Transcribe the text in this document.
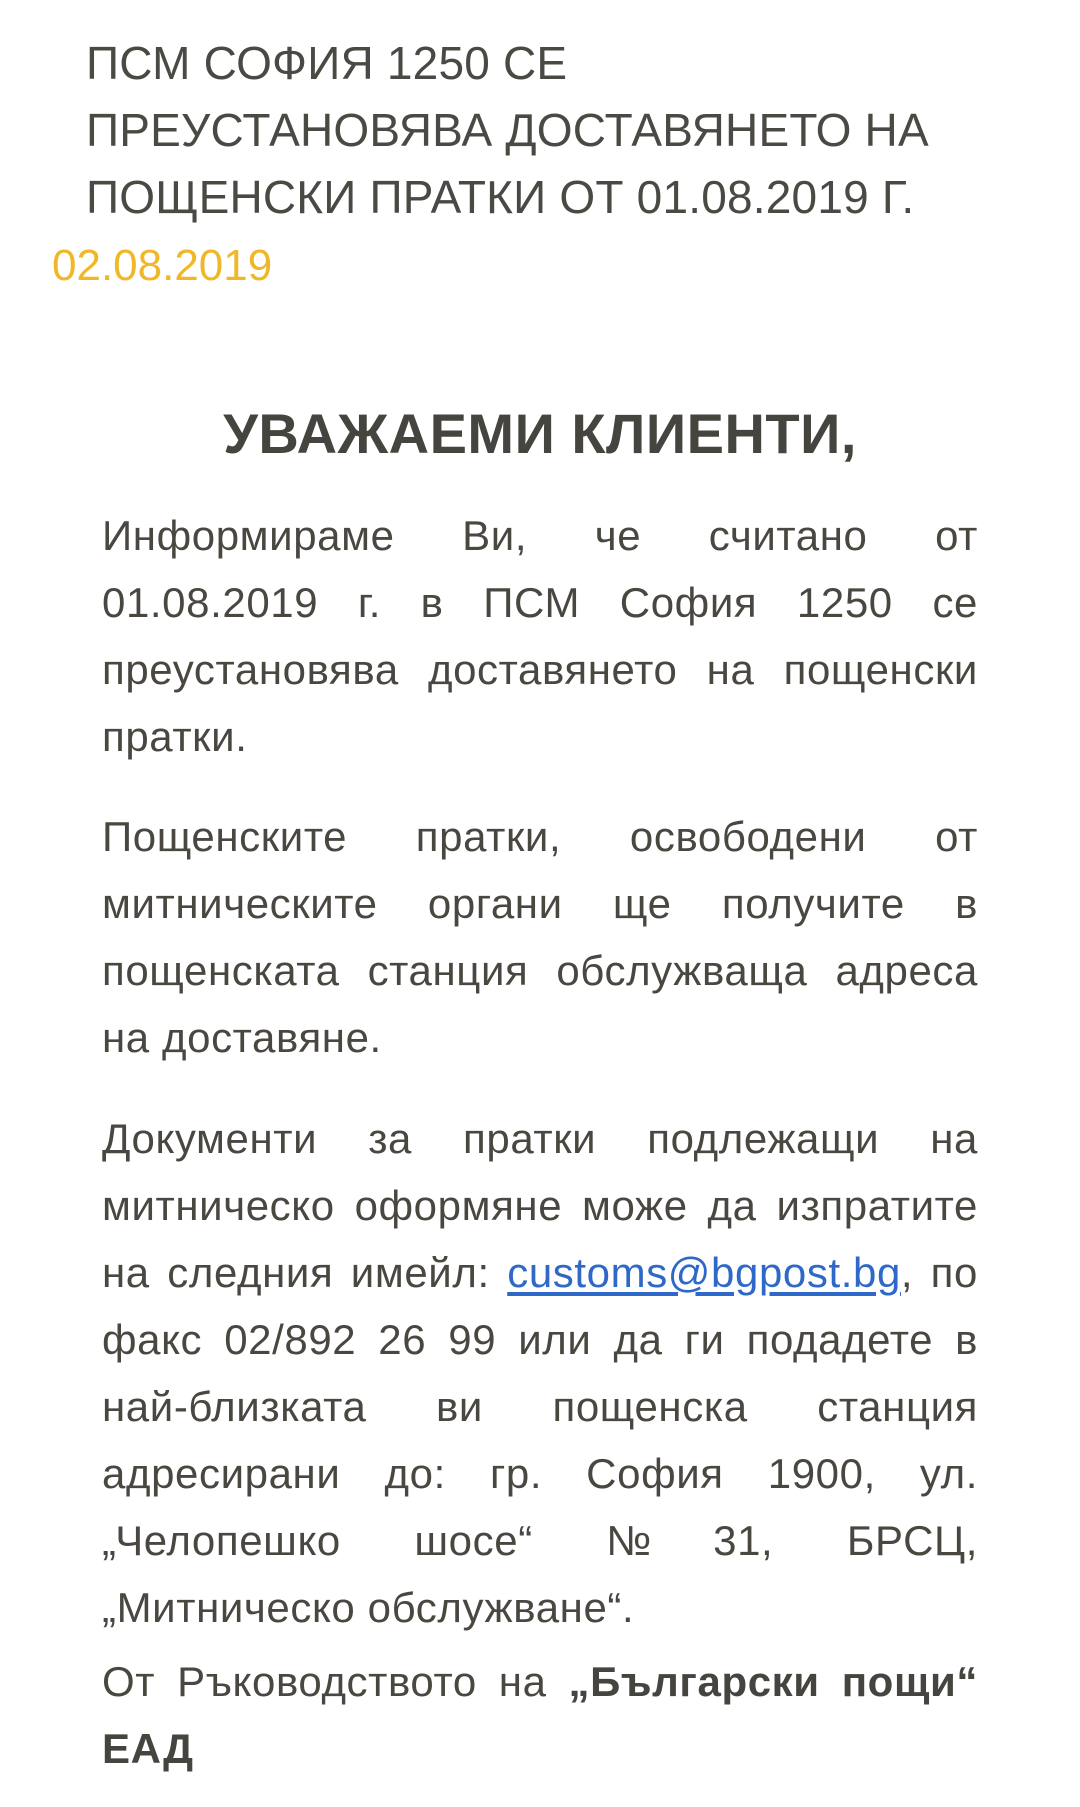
ПСМ СОФИЯ 1250 СЕ ПРЕУСТАНОВЯВА ДОСТАВЯНЕТО НА ПОЩЕНСКИ ПРАТКИ ОТ 01.08.2019 Г.
02.08.2019
УВАЖАЕМИ КЛИЕНТИ,

Информираме Ви, че считано от 01.08.2019 г. в ПСМ София 1250 се преустановява доставянето на пощенски пратки.

Пощенските пратки, освободени от митническите органи ще получите в пощенската станция обслужваща адреса на доставяне.

Документи за пратки подлежащи на митническо оформяне може да изпратите на следния имейл: customs@bgpost.bg, по факс 02/892 26 99 или да ги подадете в най-близката ви пощенска станция адресирани до: гр. София 1900, ул. „Челопешко шосе“ №31, БРСЦ, „Митническо обслужване“.

От Ръководството на „Български пощи“ ЕАД
